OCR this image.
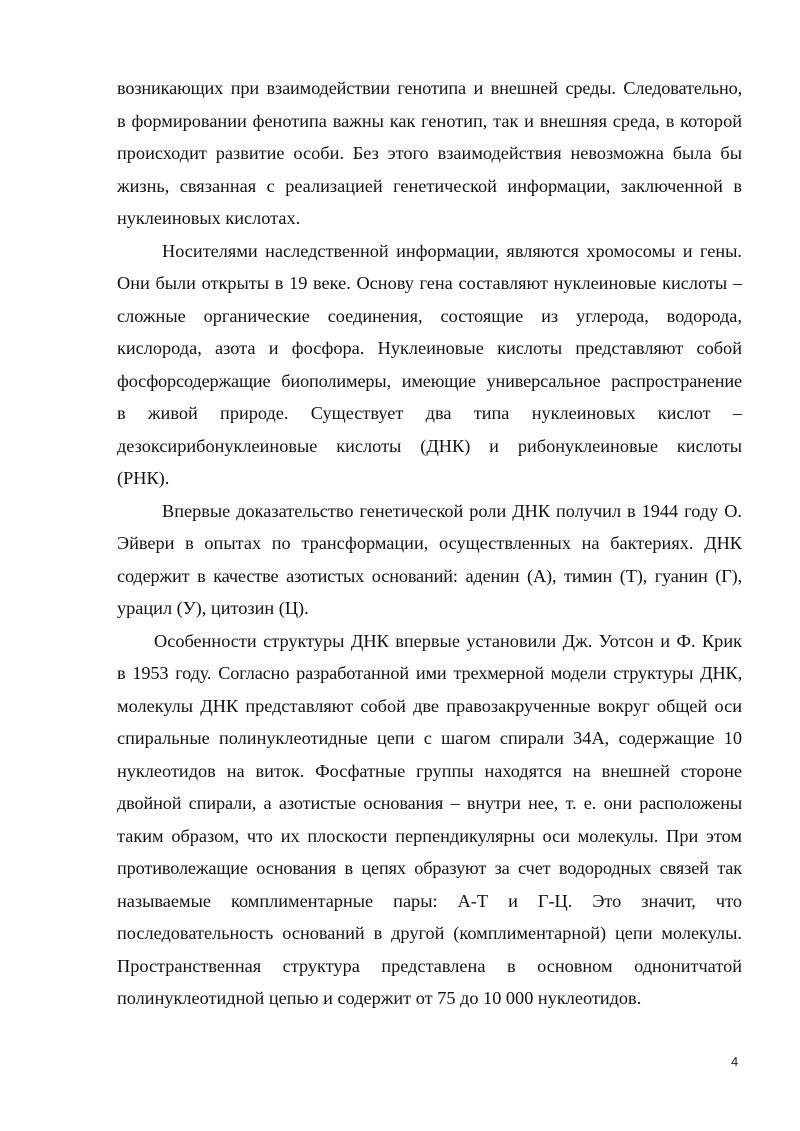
возникающих при взаимодействии генотипа и внешней среды. Следовательно,
в формировании фенотипа важны как генотип, так и внешняя среда, в которой
происходит развитие особи. Без этого взаимодействия невозможна была бы
жизнь, связанная с реализацией генетической информации, заключенной в
нуклеиновых кислотах.
Носителями наследственной информации, являются хромосомы и гены.
Они были открыты в 19 веке. Основу гена составляют нуклеиновые кислоты –
сложные органические соединения, состоящие из углерода, водорода,
кислорода, азота и фосфора. Нуклеиновые кислоты представляют собой
фосфорсодержащие биополимеры, имеющие универсальное распространение
в живой природе. Существует два типа нуклеиновых кислот –
дезоксирибонуклеиновые кислоты (ДНК) и рибонуклеиновые кислоты
(РНК).
Впервые доказательство генетической роли ДНК получил в 1944 году О.
Эйвери в опытах по трансформации, осуществленных на бактериях. ДНК
содержит в качестве азотистых оснований: аденин (А), тимин (Т), гуанин (Г),
урацил (У), цитозин (Ц).
Особенности структуры ДНК впервые установили Дж. Уотсон и Ф. Крик
в 1953 году. Согласно разработанной ими трехмерной модели структуры ДНК,
молекулы ДНК представляют собой две правозакрученные вокруг общей оси
спиральные полинуклеотидные цепи с шагом спирали 34А, содержащие 10
нуклеотидов на виток. Фосфатные группы находятся на внешней стороне
двойной спирали, а азотистые основания – внутри нее, т. е. они расположены
таким образом, что их плоскости перпендикулярны оси молекулы. При этом
противолежащие основания в цепях образуют за счет водородных связей так
называемые комплиментарные пары: А-Т и Г-Ц. Это значит, что
последовательность оснований в другой (комплиментарной) цепи молекулы.
Пространственная структура представлена в основном однонитчатой
полинуклеотидной цепью и содержит от 75 до 10 000 нуклеотидов.
4
